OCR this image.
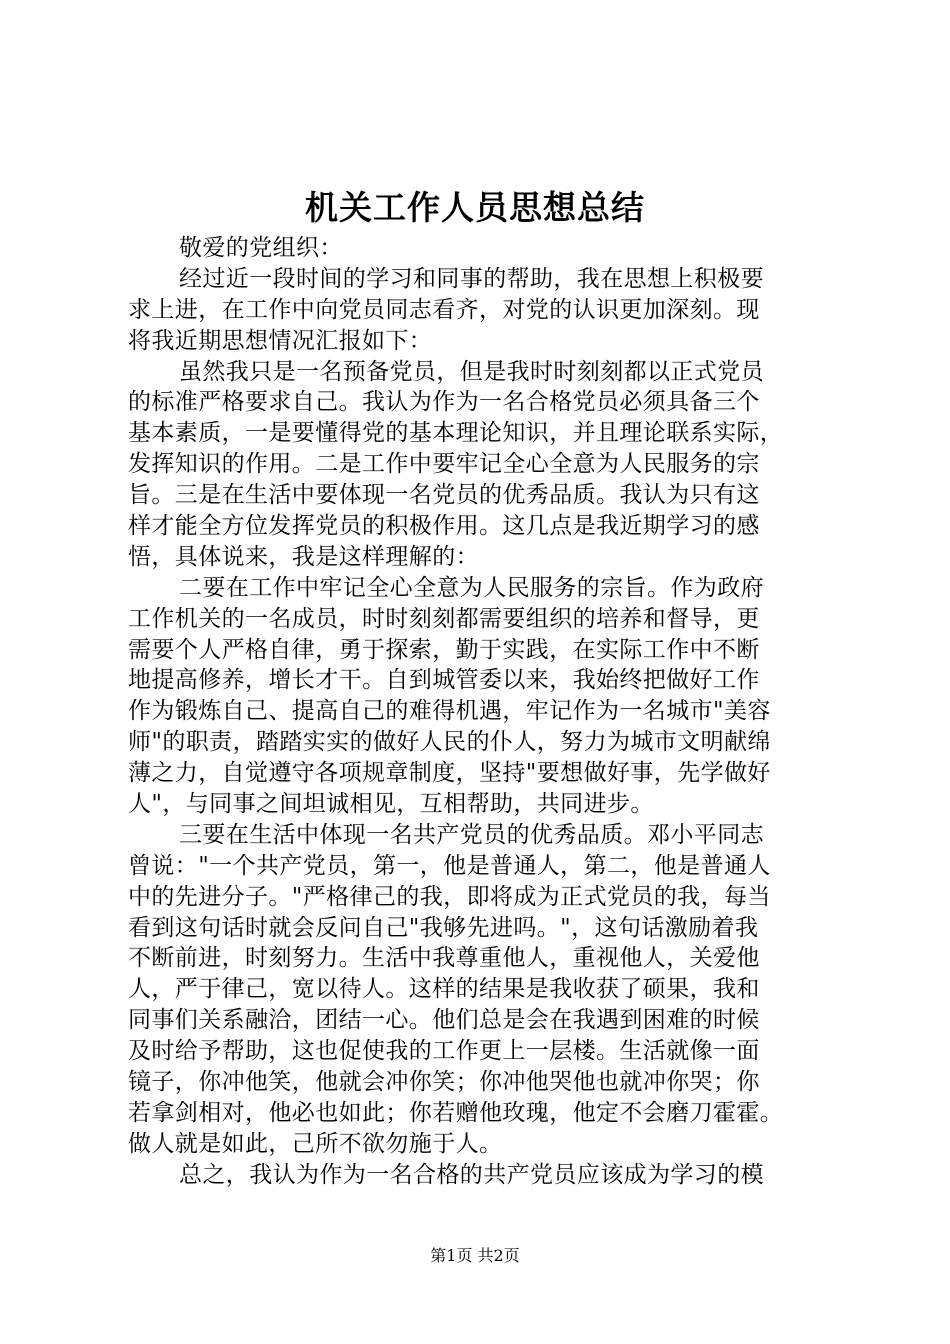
机关工作人员思想总结
敬爱的党组织：
经过近一段时间的学习和同事的帮助，我在思想上积极要
求上进，在工作中向党员同志看齐，对党的认识更加深刻。现
将我近期思想情况汇报如下：
虽然我只是一名预备党员，但是我时时刻刻都以正式党员
的标准严格要求自己。我认为作为一名合格党员必须具备三个
基本素质，一是要懂得党的基本理论知识，并且理论联系实际，
发挥知识的作用。二是工作中要牢记全心全意为人民服务的宗
旨。三是在生活中要体现一名党员的优秀品质。我认为只有这
样才能全方位发挥党员的积极作用。这几点是我近期学习的感
悟，具体说来，我是这样理解的：
二要在工作中牢记全心全意为人民服务的宗旨。作为政府
工作机关的一名成员，时时刻刻都需要组织的培养和督导，更
需要个人严格自律，勇于探索，勤于实践，在实际工作中不断
地提高修养，增长才干。自到城管委以来，我始终把做好工作
作为锻炼自己、提高自己的难得机遇，牢记作为一名城市"美容
师"的职责，踏踏实实的做好人民的仆人，努力为城市文明献绵
薄之力，自觉遵守各项规章制度，坚持"要想做好事，先学做好
人"，与同事之间坦诚相见，互相帮助，共同进步。
三要在生活中体现一名共产党员的优秀品质。邓小平同志
曾说："一个共产党员，第一，他是普通人，第二，他是普通人
中的先进分子。"严格律己的我，即将成为正式党员的我，每当
看到这句话时就会反问自己"我够先进吗。"，这句话激励着我
不断前进，时刻努力。生活中我尊重他人，重视他人，关爱他
人，严于律己，宽以待人。这样的结果是我收获了硕果，我和
同事们关系融洽，团结一心。他们总是会在我遇到困难的时候
及时给予帮助，这也促使我的工作更上一层楼。生活就像一面
镜子，你冲他笑，他就会冲你笑；你冲他哭他也就冲你哭；你
若拿剑相对，他必也如此；你若赠他玫瑰，他定不会磨刀霍霍。
做人就是如此，己所不欲勿施于人。
总之，我认为作为一名合格的共产党员应该成为学习的模
第1页 共2页
